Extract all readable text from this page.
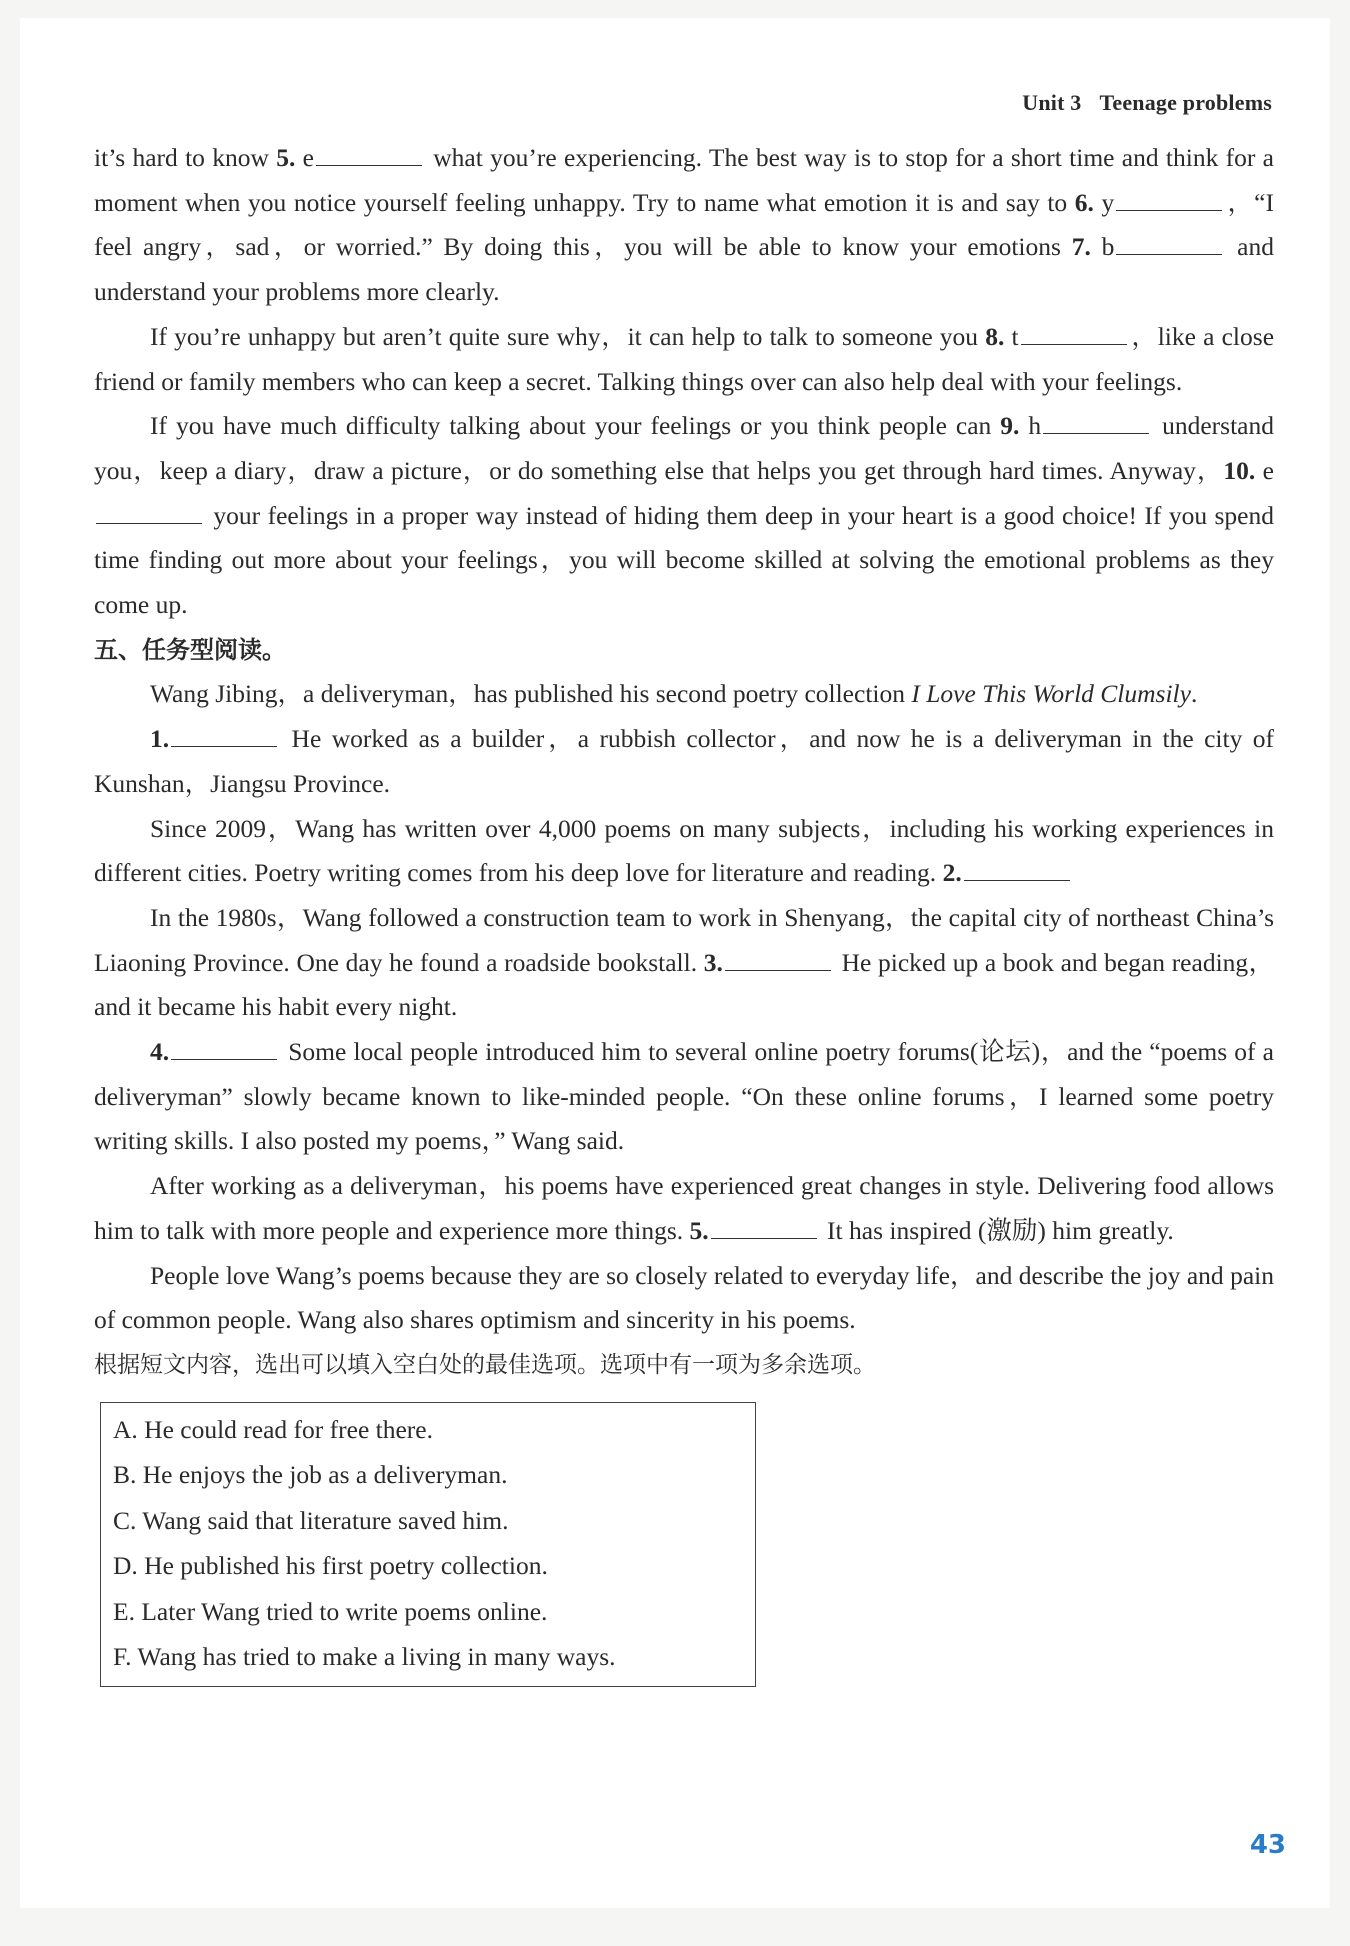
Unit 3 Teenage problems

it’s hard to know 5. e	what you’re experiencing. The best way is to stop for a short time and think for a moment when you notice yourself feeling unhappy. Try to name what emotion it is and say to 6. y	，“I feel angry，sad，or worried.” By doing this，you will be able to know your emotions 7. b	and understand your problems more clearly.

If you’re unhappy but aren’t quite sure why，it can help to talk to someone you 8. t	，like a close friend or family members who can keep a secret. Talking things over can also help deal with your feelings.

If you have much difficulty talking about your feelings or you think people can 9. h	understand you，keep a diary，draw a picture，or do something else that helps you get through hard times. Anyway，10. e your feelings in a proper way instead of hiding them deep in your heart is a good choice! If you spend time finding out more about your feelings，you will become skilled at solving the emotional problems as they come up.

五、任务型阅读。

Wang Jibing，a deliveryman，has published his second poetry collection I Love This World Clumsily.

1.	He worked as a builder，a rubbish collector，and now he is a deliveryman in the city of Kunshan，Jiangsu Province.

Since 2009，Wang has written over 4,000 poems on many subjects，including his working experiences in different cities. Poetry writing comes from his deep love for literature and reading. 2.

In the 1980s，Wang followed a construction team to work in Shenyang，the capital city of northeast China’s Liaoning Province. One day he found a roadside bookstall. 3.	He picked up a book and began reading，and it became his habit every night.

4.	Some local people introduced him to several online poetry forums(论坛)，and the “poems of a deliveryman” slowly became known to like-minded people. “On these online forums，I learned some poetry writing skills. I also posted my poems，” Wang said.

After working as a deliveryman，his poems have experienced great changes in style. Delivering food allows him to talk with more people and experience more things. 5.	It has inspired (激励) him greatly.

People love Wang’s poems because they are so closely related to everyday life，and describe the joy and pain of common people. Wang also shares optimism and sincerity in his poems.

根据短文内容，选出可以填入空白处的最佳选项。选项中有一项为多余选项。

A. He could read for free there.
B. He enjoys the job as a deliveryman.
C. Wang said that literature saved him.
D. He published his first poetry collection.
E. Later Wang tried to write poems online.
F. Wang has tried to make a living in many ways.
43
